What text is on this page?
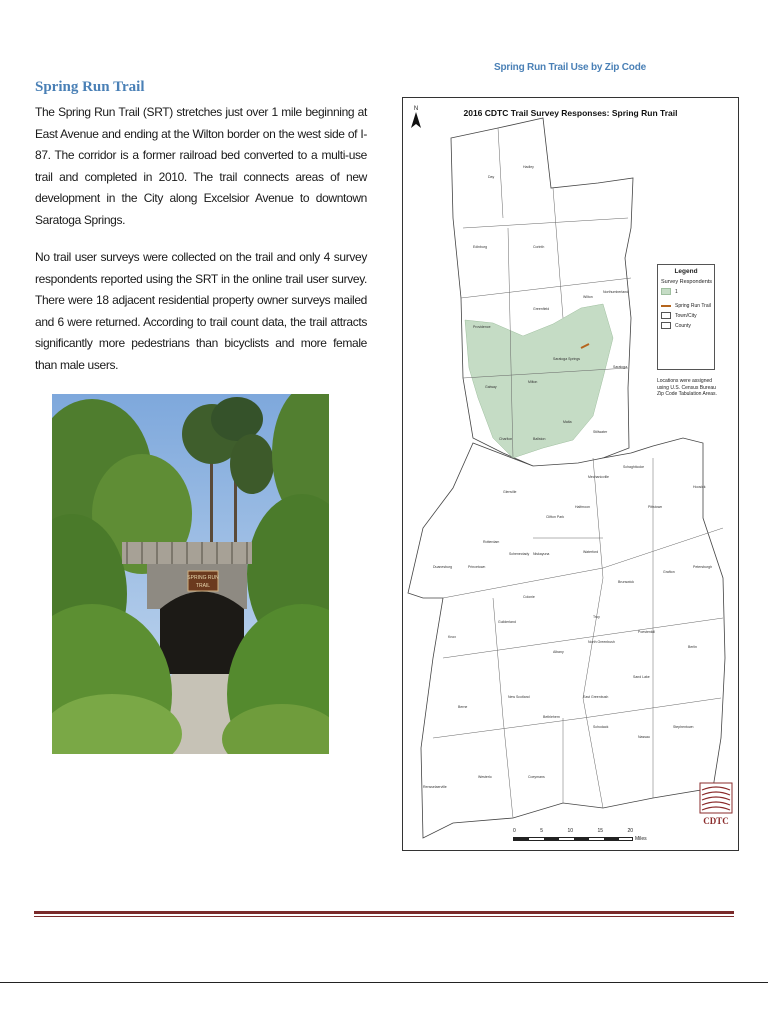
Spring Run Trail

The Spring Run Trail (SRT) stretches just over 1 mile beginning at East Avenue and ending at the Wilton border on the west side of I-87. The corridor is a former railroad bed converted to a multi-use trail and completed in 2010. The trail connects areas of new development in the City along Excelsior Avenue to downtown Saratoga Springs.

No trail user surveys were collected on the trail and only 4 survey respondents reported using the SRT in the online trail user survey. There were 18 adjacent residential property owner surveys mailed and 6 were returned. According to trail count data, the trail attracts significantly more pedestrians than bicyclists and more female than male users.

SPRING RUN
TRAIL
Spring Run Trail Use by Zip Code
2016 CDTC Trail Survey Responses: Spring Run Trail
N
Day
Hadley
Edinburg	Corinth
Greenfield
Wilton
Northumberland
Providence
Saratoga Springs
Saratoga
Galway
Milton
Malta
Stillwater
Charlton	Ballston
Mechanicville
Schaghticoke
Glenville
Clifton Park
Halfmoon	Pittstown
Hoosick
Duanesburg	Princetown
Rotterdam
Schenectady Niskayuna	Waterford
Brunswick
Grafton
Petersburgh
Colonie
Guilderland
Knox
Troy
Albany
North Greenbush
Poestenkill
Berlin
New Scotland
Bethlehem
Berne
East Greenbush
Sand Lake
Stephentown
Schodack
Nassau
Rensselaerville
Westerlo	Coeymans
Legend
Survey Respondents
1
Spring Run Trail
Town/City
County
Locations were assigned using U.S. Census Bureau Zip Code Tabulation Areas.
0	5	10	15	20
Miles
CDTC
